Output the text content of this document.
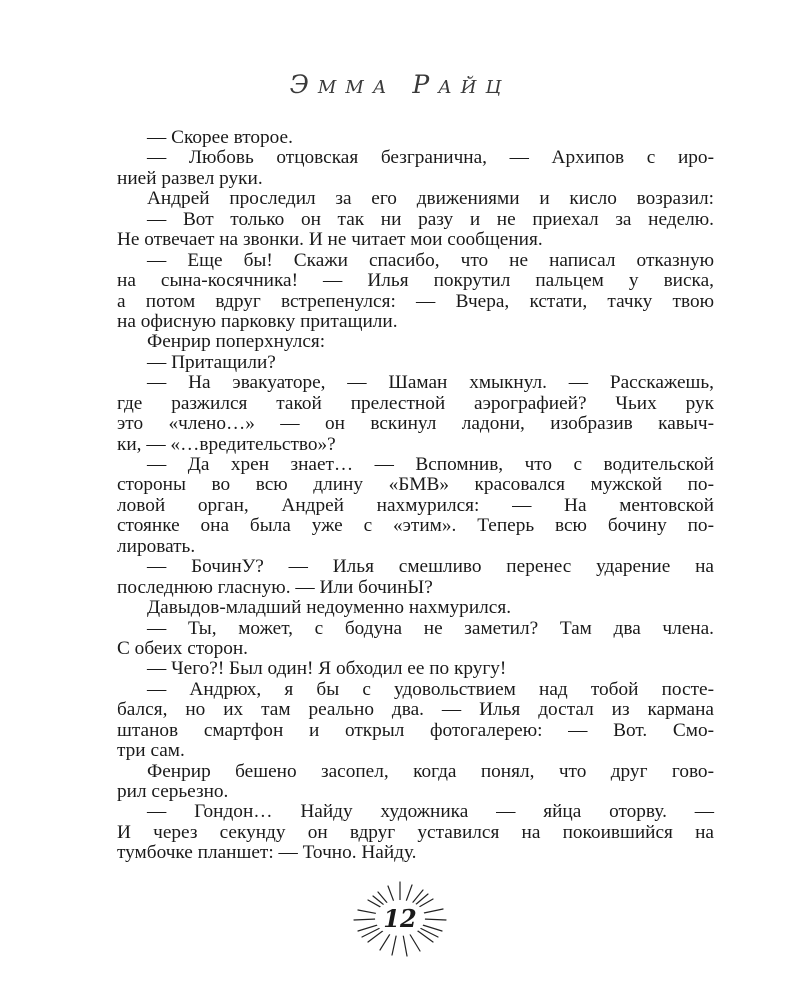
Эмма Райц
— Скорее второе.
— Любовь отцовская безгранична, — Архипов с иро-
нией развел руки.
Андрей проследил за его движениями и кисло возразил:
— Вот только он так ни разу и не приехал за неделю.
Не отвечает на звонки. И не читает мои сообщения.
— Еще бы! Скажи спасибо, что не написал отказную
на сына-косячника! — Илья покрутил пальцем у виска,
а потом вдруг встрепенулся: — Вчера, кстати, тачку твою
на офисную парковку притащили.
Фенрир поперхнулся:
— Притащили?
— На эвакуаторе, — Шаман хмыкнул. — Расскажешь,
где разжился такой прелестной аэрографией? Чьих рук
это «члено…» — он вскинул ладони, изобразив кавыч-
ки, — «…вредительство»?
— Да хрен знает… — Вспомнив, что с водительской
стороны во всю длину «БМВ» красовался мужской по-
ловой орган, Андрей нахмурился: — На ментовской
стоянке она была уже с «этим». Теперь всю бочину по-
лировать.
— БочинУ? — Илья смешливо перенес ударение на
последнюю гласную. — Или бочинЫ?
Давыдов-младший недоуменно нахмурился.
— Ты, может, с бодуна не заметил? Там два члена.
С обеих сторон.
— Чего?! Был один! Я обходил ее по кругу!
— Андрюх, я бы с удовольствием над тобой посте-
бался, но их там реально два. — Илья достал из кармана
штанов смартфон и открыл фотогалерею: — Вот. Смо-
три сам.
Фенрир бешено засопел, когда понял, что друг гово-
рил серьезно.
— Гондон… Найду художника — яйца оторву. —
И через секунду он вдруг уставился на покоившийся на
тумбочке планшет: — Точно. Найду.
12
